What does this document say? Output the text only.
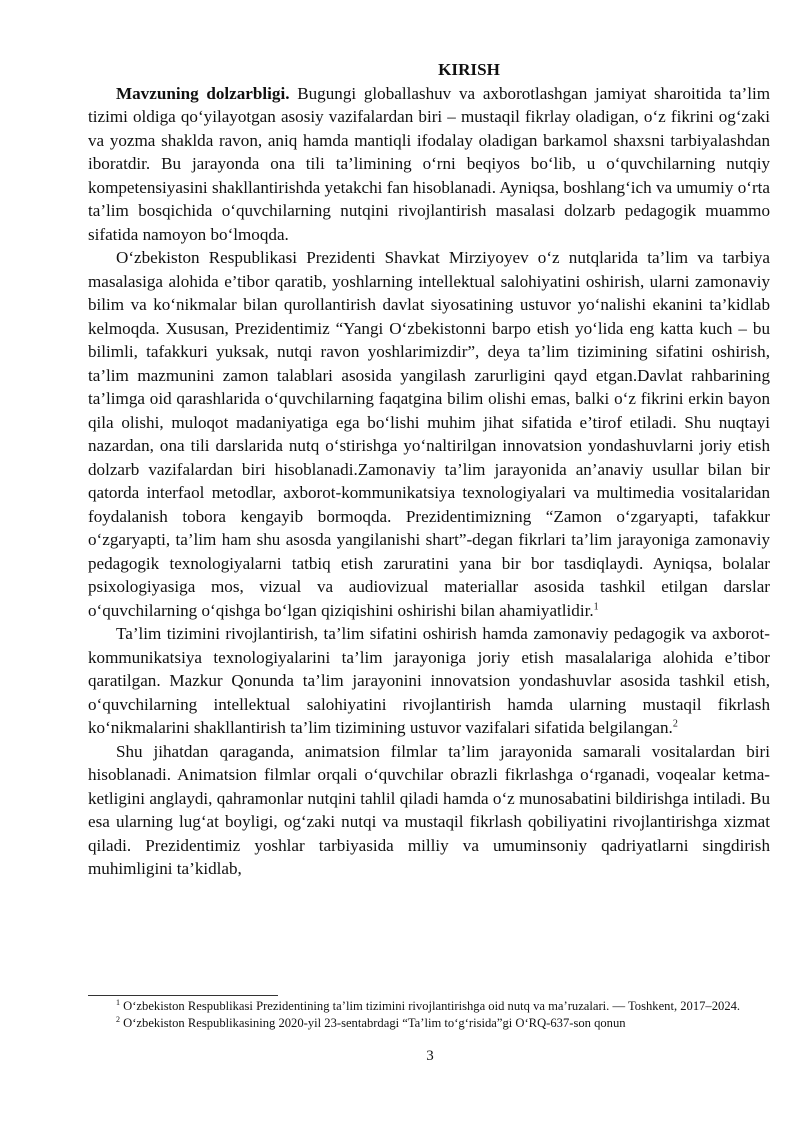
KIRISH

Mavzuning dolzarbligi. Bugungi globallashuv va axborotlashgan jamiyat sharoitida ta’lim tizimi oldiga qo‘yilayotgan asosiy vazifalardan biri – mustaqil fikrlay oladigan, o‘z fikrini og‘zaki va yozma shaklda ravon, aniq hamda mantiqli ifodalay oladigan barkamol shaxsni tarbiyalashdan iboratdir. Bu jarayonda ona tili ta’limining o‘rni beqiyos bo‘lib, u o‘quvchilarning nutqiy kompetensiyasini shakllantirishda yetakchi fan hisoblanadi. Ayniqsa, boshlang‘ich va umumiy o‘rta ta’lim bosqichida o‘quvchilarning nutqini rivojlantirish masalasi dolzarb pedagogik muammo sifatida namoyon bo‘lmoqda.

O‘zbekiston Respublikasi Prezidenti Shavkat Mirziyoyev o‘z nutqlarida ta’lim va tarbiya masalasiga alohida e’tibor qaratib, yoshlarning intellektual salohiyatini oshirish, ularni zamonaviy bilim va ko‘nikmalar bilan qurollantirish davlat siyosatining ustuvor yo‘nalishi ekanini ta’kidlab kelmoqda. Xususan, Prezidentimiz “Yangi O‘zbekistonni barpo etish yo‘lida eng katta kuch – bu bilimli, tafakkuri yuksak, nutqi ravon yoshlarimizdir”, deya ta’lim tizimining sifatini oshirish, ta’lim mazmunini zamon talablari asosida yangilash zarurligini qayd etgan.Davlat rahbarining ta’limga oid qarashlarida o‘quvchilarning faqatgina bilim olishi emas, balki o‘z fikrini erkin bayon qila olishi, muloqot madaniyatiga ega bo‘lishi muhim jihat sifatida e’tirof etiladi. Shu nuqtayi nazardan, ona tili darslarida nutq o‘stirishga yo‘naltirilgan innovatsion yondashuvlarni joriy etish dolzarb vazifalardan biri hisoblanadi.Zamonaviy ta’lim jarayonida an’anaviy usullar bilan bir qatorda interfaol metodlar, axborot-kommunikatsiya texnologiyalari va multimedia vositalaridan foydalanish tobora kengayib bormoqda. Prezidentimizning “Zamon o‘zgaryapti, tafakkur o‘zgaryapti, ta’lim ham shu asosda yangilanishi shart”-degan fikrlari ta’lim jarayoniga zamonaviy pedagogik texnologiyalarni tatbiq etish zaruratini yana bir bor tasdiqlaydi. Ayniqsa, bolalar psixologiyasiga mos, vizual va audiovizual materiallar asosida tashkil etilgan darslar o‘quvchilarning o‘qishga bo‘lgan qiziqishini oshirishi bilan ahamiyatlidir.$^1$

Ta’lim tizimini rivojlantirish, ta’lim sifatini oshirish hamda zamonaviy pedagogik va axborot-kommunikatsiya texnologiyalarini ta’lim jarayoniga joriy etish masalalariga alohida e’tibor qaratilgan. Mazkur Qonunda ta’lim jarayonini innovatsion yondashuvlar asosida tashkil etish, o‘quvchilarning intellektual salohiyatini rivojlantirish hamda ularning mustaqil fikrlash ko‘nikmalarini shakllantirish ta’lim tizimining ustuvor vazifalari sifatida belgilangan.$^2$

Shu jihatdan qaraganda, animatsion filmlar ta’lim jarayonida samarali vositalardan biri hisoblanadi. Animatsion filmlar orqali o‘quvchilar obrazli fikrlashga o‘rganadi, voqealar ketma-ketligini anglaydi, qahramonlar nutqini tahlil qiladi hamda o‘z munosabatini bildirishga intiladi. Bu esa ularning lug‘at boyligi, og‘zaki nutqi va mustaqil fikrlash qobiliyatini rivojlantirishga xizmat qiladi. Prezidentimiz yoshlar tarbiyasida milliy va umuminsoniy qadriyatlarni singdirish muhimligini ta’kidlab,

$^1$ O‘zbekiston Respublikasi Prezidentining ta’lim tizimini rivojlantirishga oid nutq va ma’ruzalari. — Toshkent, 2017–2024.
$^2$ O‘zbekiston Respublikasining 2020-yil 23-sentabrdagi “Ta’lim to‘g‘risida”gi O‘RQ-637-son qonun
3
